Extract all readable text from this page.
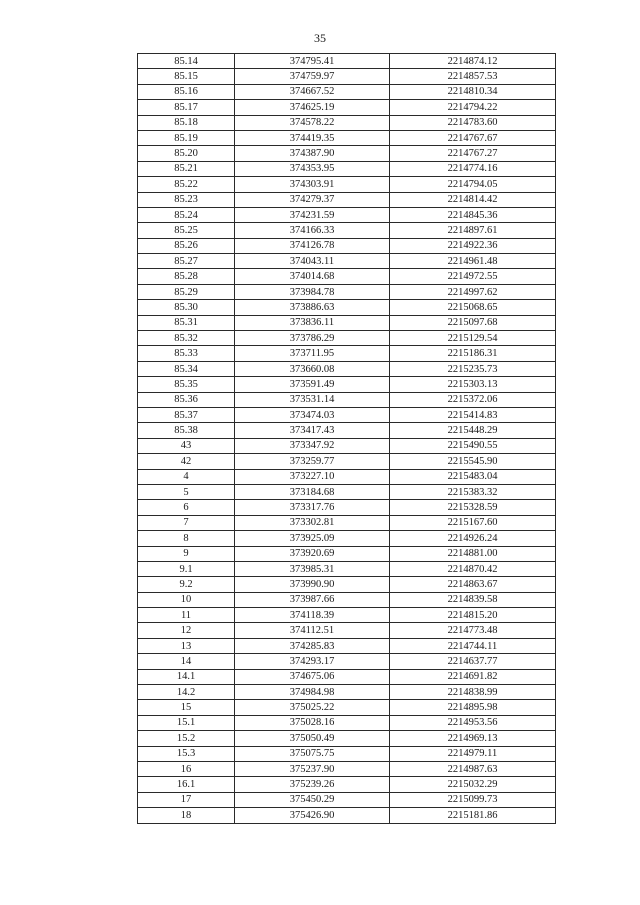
35
85.14	374795.41	2214874.12
85.15	374759.97	2214857.53
85.16	374667.52	2214810.34
85.17	374625.19	2214794.22
85.18	374578.22	2214783.60
85.19	374419.35	2214767.67
85.20	374387.90	2214767.27
85.21	374353.95	2214774.16
85.22	374303.91	2214794.05
85.23	374279.37	2214814.42
85.24	374231.59	2214845.36
85.25	374166.33	2214897.61
85.26	374126.78	2214922.36
85.27	374043.11	2214961.48
85.28	374014.68	2214972.55
85.29	373984.78	2214997.62
85.30	373886.63	2215068.65
85.31	373836.11	2215097.68
85.32	373786.29	2215129.54
85.33	373711.95	2215186.31
85.34	373660.08	2215235.73
85.35	373591.49	2215303.13
85.36	373531.14	2215372.06
85.37	373474.03	2215414.83
85.38	373417.43	2215448.29
43	373347.92	2215490.55
42	373259.77	2215545.90
4	373227.10	2215483.04
5	373184.68	2215383.32
6	373317.76	2215328.59
7	373302.81	2215167.60
8	373925.09	2214926.24
9	373920.69	2214881.00
9.1	373985.31	2214870.42
9.2	373990.90	2214863.67
10	373987.66	2214839.58
11	374118.39	2214815.20
12	374112.51	2214773.48
13	374285.83	2214744.11
14	374293.17	2214637.77
14.1	374675.06	2214691.82
14.2	374984.98	2214838.99
15	375025.22	2214895.98
15.1	375028.16	2214953.56
15.2	375050.49	2214969.13
15.3	375075.75	2214979.11
16	375237.90	2214987.63
16.1	375239.26	2215032.29
17	375450.29	2215099.73
18	375426.90	2215181.86
